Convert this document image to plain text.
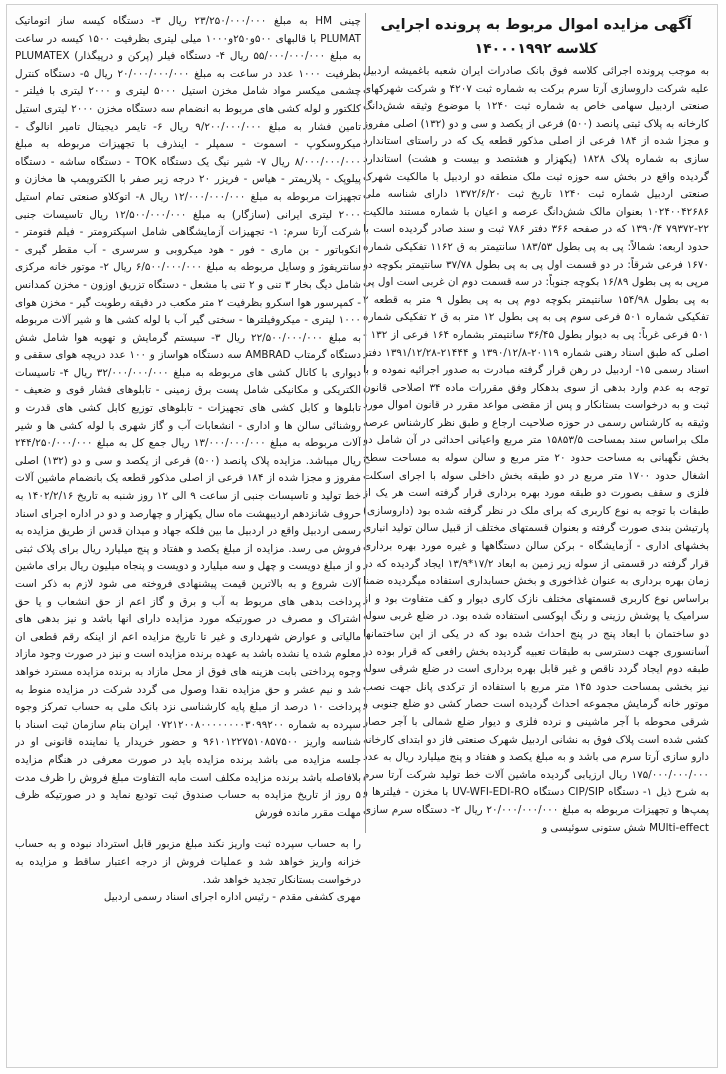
آگهی مزایده اموال مربوط به پرونده اجرایی
کلاسه ۱۴۰۰۰۱۹۹۲

به موجب پرونده اجرائی کلاسه فوق بانک صادرات ایران شعبه باغمیشه اردبیل علیه شرکت داروسازی آرتا سرم برکت به شماره ثبت ۴۲۰۷ و شرکت شهرکهای صنعتی اردبیل سهامی خاص به شماره ثبت ۱۲۴۰ با موضوع وثیقه شش‌دانگ کارخانه به پلاک ثبتی پانصد (۵۰۰) فرعی از یکصد و سی و دو (۱۳۲) اصلی مفروز و مجزا شده از ۱۸۴ فرعی از اصلی مذکور قطعه یک که در راستای استاندارد سازی به شماره پلاک ۱۸۲۸ (یکهزار و هشتصد و بیست و هشت) استاندارد گردیده واقع در بخش سه حوزه ثبت ملک منطقه دو اردبیل با مالکیت شهرک صنعتی اردبیل شماره ثبت ۱۲۴۰ تاریخ ثبت ۱۳۷۲/۶/۲۰ دارای شناسه ملی ۱۰۲۴۰۰۴۲۶۸۶ بعنوان مالک شش‌دانگ عرصه و اعیان با شماره مستند مالکیت ۲۲-۷۹۳۷۲ ۱۳۹۰/۴ که در صفحه ۳۶۶ دفتر ۷۸۶ ثبت و سند صادر گردیده است با حدود اربعه: شمالاً: پی به پی بطول ۱۸۳/۵۳ سانتیمتر به ق ۱۱۶۲ تفکیکی شماره ۱۶۷۰ فرعی شرقاً: در دو قسمت اول پی به پی بطول ۳۷/۷۸ سانتیمتر بکوچه دو مرپی به پی بطول ۱۶/۸۹ بکوچه جنوباً: در سه قسمت دوم ان غربی است اول پی به پی بطول ۱۵۴/۹۸ سانتیمتر بکوچه دوم پی به پی بطول ۹ متر به قطعه ۲ تفکیکی شماره ۵۰۱ فرعی سوم پی به پی بطول ۱۲ متر به ق ۲ تفکیکی شماره ۵۰۱ فرعی غرباً: پی به دیوار بطول ۳۶/۴۵ سانتیمتر بشماره ۱۶۴ فرعی از ۱۳۲ - اصلی که طبق اسناد رهنی شماره ۲۰۱۱۹-۱۳۹۰/۱۲/۸ و ۲۱۴۴۴-۱۳۹۱/۱۲/۲۸ دفتر اسناد رسمی ۱۵- اردبیل در رهن قرار گرفته مبادرت به صدور اجرائیه نموده و با توجه به عدم وارد بدهی از سوی بدهکار وفق مقررات ماده ۳۴ اصلاحی قانون ثبت و به درخواست بستانکار و پس از مقضی مواعد مقرر در قانون اموال مورد وثیقه به کارشناس رسمی در حوزه صلاحیت ارجاع و طبق نظر کارشناس عرصه ملک براساس سند بمساحت ۱۵۸۵۳/۵ متر مربع واعیانی احداثی در آن شامل دو بخش نگهبانی به مساحت حدود ۲۰ متر مربع و سالن سوله به مساحت سطح اشغال حدود ۱۷۰۰ متر مربع در دو طبقه بخش داخلی سوله با اجرای اسکلت فلزی و سقف بصورت دو طبقه مورد بهره برداری قرار گرفته است هر یک از طبقات با توجه به نوع کاربری که برای ملک در نظر گرفته شده بود (داروسازی) پارتیشن بندی صورت گرفته و بعنوان قسمتهای مختلف از قبیل سالن تولید انباری بخشهای اداری - آزمایشگاه - برکن سالن دستگاهها و غیره مورد بهره برداری قرار گرفته در قسمتی از سوله زیر زمین به ابعاد ۱۷/۲*۱۳/۹ ایجاد گردیده که در زمان بهره برداری به عنوان غذاخوری و بخش حسابداری استفاده میگردیده ضمنا براساس نوع کاربری قسمتهای مختلف نازک کاری دیوار و کف متفاوت بود و از سرامیک یا پوشش رزینی و رنگ اپوکسی استفاده شده بود. در ضلع غربی سوله دو ساختمان با ابعاد پنج در پنج احداث شده بود که در یکی از این ساختمانها آسانسوری جهت دسترسی به طبقات تعبیه گردیده بخش رافعی که قرار بوده در طبقه دوم ایجاد گردد ناقص و غیر قابل بهره برداری است در ضلع شرقی سوله نیز بخشی بمساحت حدود ۱۴۵ متر مربع با استفاده از ترکدی پانل جهت نصب موتور خانه گرمایش مجموعه احداث گردیده است حصار کشی دو ضلع جنوبی و شرقی محوطه با آجر ماشینی و نرده فلزی و دیوار ضلع شمالی با آجر حصار کشی شده است پلاک فوق به نشانی اردبیل شهرک صنعتی فاز دو ابتدای کارخانه دارو سازی آرتا سرم می باشد و به مبلغ یکصد و هفتاد و پنج میلیارد ریال به عدد ۱۷۵/۰۰۰/۰۰۰/۰۰۰ ریال ارزیابی گردیده ماشین آلات خط تولید شرکت آرتا سرم به شرح ذیل ۱- دستگاه CIP/SIP دستگاه UV-WFI-EDI-RO با مخزن - فیلترها و پمپ‌ها و تجهیزات مربوطه به مبلغ ۲۰/۰۰۰/۰۰۰/۰۰۰ ریال ۲- دستگاه سرم سازی MUlti-effect شش ستونی سوئیسی و

چینی HM به مبلغ ۲۳/۲۵۰/۰۰۰/۰۰۰ ریال ۳- دستگاه کیسه ساز اتوماتیک PLUMAT با قالبهای ۵۰۰و۲۵۰و۱۰۰۰ میلی لیتری بظرفیت ۱۵۰۰ کیسه در ساعت به مبلغ ۵۵/۰۰۰/۰۰۰/۰۰۰ ریال ۴- دستگاه فیلر (پرکن و درپیگذار) PLUMATEX بظرفیت ۱۰۰۰ عدد در ساعت به مبلغ ۲۰/۰۰۰/۰۰۰/۰۰۰ ریال ۵- دستگاه کنترل چشمی میکسر مواد شامل مخزن استیل ۵۰۰۰ لیتری و ۲۰۰۰ لیتری با فیلتر - کلکتور و لوله کشی های مربوط به انضمام سه دستگاه مخزن ۲۰۰۰ لیتری استیل تامین فشار به مبلغ ۹/۲۰۰/۰۰۰/۰۰۰ ریال ۶- تایمر دیجیتال تامیر انالوگ - میکروسکوپ - اسموت - سمپلر - اینذرف با تجهیزات مربوطه به مبلغ ۸/۰۰۰/۰۰۰/۰۰۰ ریال ۷- شیر نیگ یک دستگاه TOK - دستگاه ساشه - دستگاه پیلوپک - پلاریمتر - هیاس - فریزر ۲۰ درجه زیر صفر با الکترویمپ ها مخازن و تجهیزات مربوطه به مبلغ ۱۲/۰۰۰/۰۰۰/۰۰۰ ریال ۸- اتوکلاو صنعتی تمام استیل ۲۰۰۰ لیتری ایرانی (سازگار) به مبلغ ۱۲/۵۰۰/۰۰۰/۰۰۰ ریال تاسیسات جنبی شرکت آرتا سرم: ۱- تجهیزات آزمایشگاهی شامل اسپکترومتر - فیلم فتومتر - انکوباتور - بن ماری - فور - هود میکروبی و سرسری - آب مقطر گیری - سانتریفوژ و وسایل مربوطه به مبلغ ۶/۵۰۰/۰۰۰/۰۰۰ ریال ۲- موتور خانه مرکزی شامل دیگ بخار ۳ تنی و ۲ تنی با مشعل - دستگاه تزریق اوزون - مخزن کمدانس - کمپرسور هوا اسکرو بظرفیت ۲ متر مکعب در دقیقه رطوبت گیر - مخزن هوای ۱۰۰۰ لیتری - میکروفیلترها - سختی گیر آب با لوله کشی ها و شیر آلات مربوطه به مبلغ ۲۲/۵۰۰/۰۰۰/۰۰۰ ریال ۳- سیستم گرمایش و تهویه هوا شامل شش دستگاه گرمتاب AMBRAD سه دستگاه هواساز و ۱۰۰ عدد دریچه هوای سقفی و دیواری با کانال کشی های مربوطه به مبلغ ۳۲/۰۰۰/۰۰۰/۰۰۰ ریال ۴- تاسیسات الکتریکی و مکانیکی شامل پست برق زمینی - تابلوهای فشار قوی و ضعیف - تابلوها و کابل کشی های تجهیزات - تابلوهای توزیع کابل کشی های قدرت و روشنائی سالن ها و اداری - انشعابات آب و گاز شهری با لوله کشی ها و شیر آلات مربوطه به مبلغ ۱۳/۰۰۰/۰۰۰/۰۰۰ ریال جمع کل به مبلغ ۲۴۴/۲۵۰/۰۰۰/۰۰۰ ریال میباشد. مزایده پلاک پانصد (۵۰۰) فرعی از یکصد و سی و دو (۱۳۲) اصلی مفروز و مجزا شده از ۱۸۴ فرعی از اصلی مذکور قطعه یک بانضمام ماشین آلات خط تولید و تاسیسات جنبی از ساعت ۹ الی ۱۲ روز شنبه به تاریخ ۱۴۰۲/۲/۱۶ به حروف شانزدهم اردیبهشت ماه سال یکهزار و چهارصد و دو در اداره اجرای اسناد رسمی اردبیل واقع در اردبیل ما بین فلکه جهاد و میدان قدس از طریق مزایده به فروش می رسد. مزایده از مبلغ یکصد و هفتاد و پنج میلیارد ریال برای پلاک ثبتی و از مبلغ دویست و چهل و سه میلیارد و دویست و پنجاه میلیون ریال برای ماشین آلات شروع و به بالاترین قیمت پیشنهادی فروخته می شود لازم به ذکر است پرداخت بدهی های مربوط به آب و برق و گاز اعم از حق انشعاب و یا حق اشتراک و مصرف در صورتیکه مورد مزایده دارای انها باشد و نیز بدهی های مالیاتی و عوارض شهرداری و غیر تا تاریخ مزایده اعم از اینکه رقم قطعی ان معلوم شده یا نشده باشد به عهده برنده مزایده است و نیز در صورت وجود مازاد وجوه پرداختی بابت هزینه های فوق از محل مازاد به برنده مزایده مسترد خواهد شد و نیم عشر و حق مزایده نقدا وصول می گردد شرکت در مزایده منوط به پرداخت ۱۰ درصد از مبلغ پایه کارشناسی نزد بانک ملی به حساب تمرکز وجوه سپرده به شماره ۰۷۲۱۲۰۰۸۰۰۰۰۰۰۰۰۳۰۹۹۲۰۰ ایران بنام سازمان ثبت اسناد با شناسه واریز ۹۶۱۰۱۲۲۷۵۱۰۸۵۷۵۰۰ و حضور خریدار یا نماینده قانونی او در جلسه مزایده می باشد برنده مزایده باید در صورت معرفی در هنگام مزایده بلافاصله باشد برنده مزایده مکلف است مابه التفاوت مبلغ فروش را ظرف مدت ۵ روز از تاریخ مزایده به حساب صندوق ثبت تودیع نماید و در صورتیکه ظرف مهلت مقرر مانده فورش

را به حساب سپرده ثبت واریز نکند مبلغ مزبور قابل استرداد نبوده و به حساب خزانه واریز خواهد شد و عملیات فروش از درجه اعتبار ساقط و مزایده به درخواست بستانکار تجدید خواهد شد.

مهری کشفی مقدم - رئیس اداره اجرای اسناد رسمی اردبیل
